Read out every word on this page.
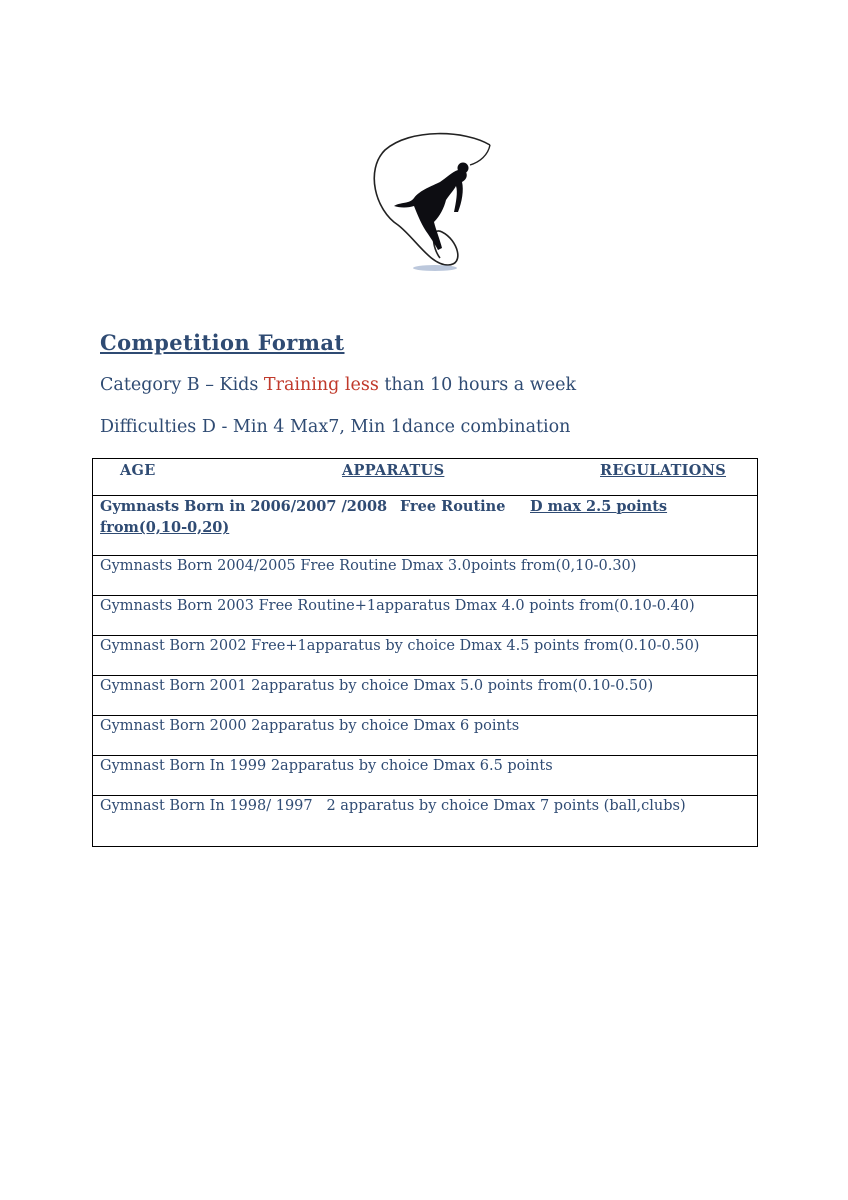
Competition Format

Category B – Kids Training less than 10 hours a week

Difficulties D - Min 4 Max7, Min 1dance combination

AGE	APPARATUS	REGULATIONS

Gymnasts Born in 2006/2007 /2008 Free Routine D max 2.5 points from(0,10-0,20)
Gymnasts Born 2004/2005 Free Routine Dmax 3.0points from(0,10-0.30)
Gymnasts Born 2003 Free Routine+1apparatus Dmax 4.0 points from(0.10-0.40)
Gymnast Born 2002 Free+1apparatus by choice Dmax 4.5 points from(0.10-0.50)
Gymnast Born 2001 2apparatus by choice Dmax 5.0 points from(0.10-0.50)
Gymnast Born 2000 2apparatus by choice Dmax 6 points
Gymnast Born In 1999 2apparatus by choice Dmax 6.5 points
Gymnast Born In 1998/ 1997   2 apparatus by choice Dmax 7 points (ball,clubs)
